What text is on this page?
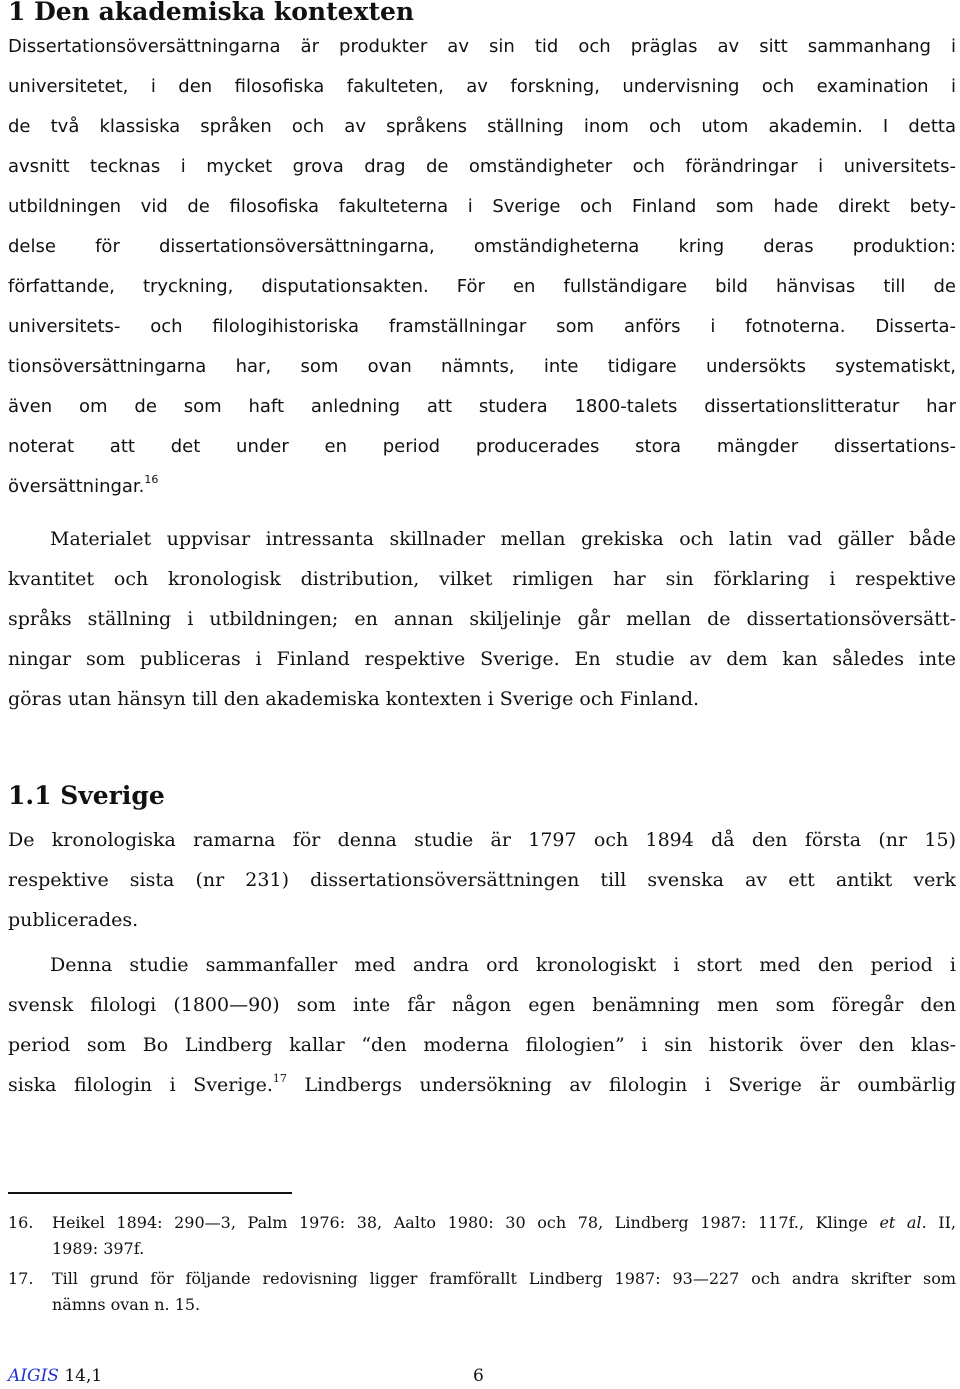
1 Den akademiska kontexten
Dissertationsöversättningarna är produkter av sin tid och präglas av sitt sammanhang i
universitetet, i den filosofiska fakulteten, av forskning, undervisning och examination i
de två klassiska språken och av språkens ställning inom och utom akademin. I detta
avsnitt tecknas i mycket grova drag de omständigheter och förändringar i universitets-
utbildningen vid de filosofiska fakulteterna i Sverige och Finland som hade direkt bety-
delse för dissertationsöversättningarna, omständigheterna kring deras produktion:
författande, tryckning, disputationsakten. För en fullständigare bild hänvisas till de
universitets- och filologihistoriska framställningar som anförs i fotnoterna. Disserta-
tionsöversättningarna har, som ovan nämnts, inte tidigare undersökts systematiskt,
även om de som haft anledning att studera 1800-talets dissertationslitteratur har
noterat att det under en period producerades stora mängder dissertations-
översättningar.$^{16}$
Materialet uppvisar intressanta skillnader mellan grekiska och latin vad gäller både
kvantitet och kronologisk distribution, vilket rimligen har sin förklaring i respektive
språks ställning i utbildningen; en annan skiljelinje går mellan de dissertationsöversätt-
ningar som publiceras i Finland respektive Sverige. En studie av dem kan således inte
göras utan hänsyn till den akademiska kontexten i Sverige och Finland.
1.1 Sverige
De kronologiska ramarna för denna studie är 1797 och 1894 då den första (nr 15)
respektive sista (nr 231) dissertationsöversättningen till svenska av ett antikt verk
publicerades.
Denna studie sammanfaller med andra ord kronologiskt i stort med den period i
svensk filologi (1800—90) som inte får någon egen benämning men som föregår den
period som Bo Lindberg kallar “den moderna filologien” i sin historik över den klas-
siska filologin i Sverige.$^{17}$ Lindbergs undersökning av filologin i Sverige är oumbärlig
16. Heikel 1894: 290—3, Palm 1976: 38, Aalto 1980: 30 och 78, Lindberg 1987: 117f., Klinge et al. II,
1989: 397f.
17. Till grund för följande redovisning ligger framförallt Lindberg 1987: 93—227 och andra skrifter som
nämns ovan n. 15.
AIGIS 14,1	6
